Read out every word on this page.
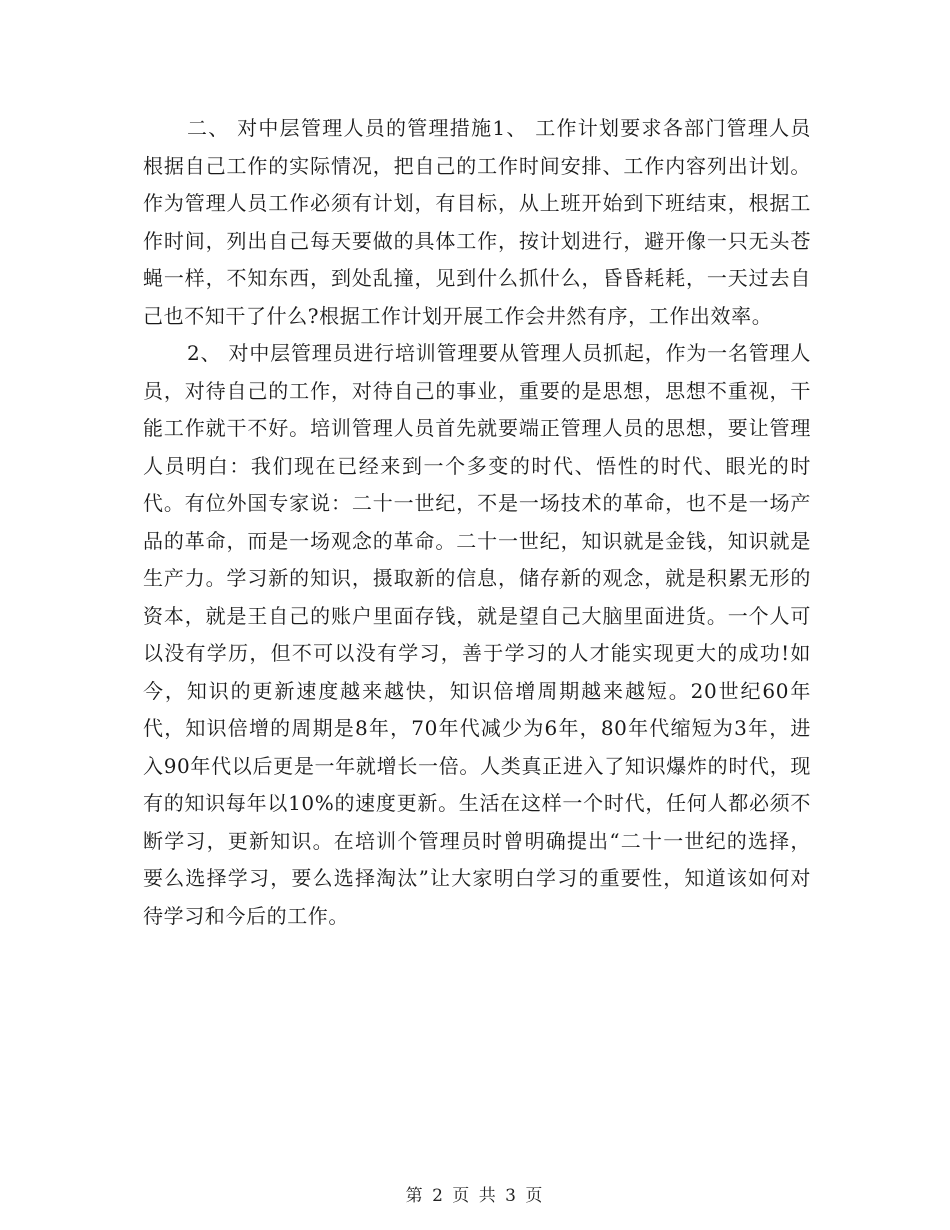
二、 对中层管理人员的管理措施1、 工作计划要求各部门管理人员根据自己工作的实际情况，把自己的工作时间安排、工作内容列出计划。作为管理人员工作必须有计划，有目标，从上班开始到下班结束，根据工作时间，列出自己每天要做的具体工作，按计划进行，避开像一只无头苍蝇一样，不知东西，到处乱撞，见到什么抓什么，昏昏耗耗，一天过去自己也不知干了什么?根据工作计划开展工作会井然有序，工作出效率。

2、 对中层管理员进行培训管理要从管理人员抓起，作为一名管理人员，对待自己的工作，对待自己的事业，重要的是思想，思想不重视，干能工作就干不好。培训管理人员首先就要端正管理人员的思想，要让管理人员明白：我们现在已经来到一个多变的时代、悟性的时代、眼光的时代。有位外国专家说：二十一世纪，不是一场技术的革命，也不是一场产品的革命，而是一场观念的革命。二十一世纪，知识就是金钱，知识就是生产力。学习新的知识，摄取新的信息，储存新的观念，就是积累无形的资本，就是王自己的账户里面存钱，就是望自己大脑里面进货。一个人可以没有学历，但不可以没有学习，善于学习的人才能实现更大的成功!如今，知识的更新速度越来越快，知识倍增周期越来越短。20世纪60年代，知识倍增的周期是8年，70年代减少为6年，80年代缩短为3年，进入90年代以后更是一年就增长一倍。人类真正进入了知识爆炸的时代，现有的知识每年以10%的速度更新。生活在这样一个时代，任何人都必须不断学习，更新知识。在培训个管理员时曾明确提出“二十一世纪的选择，要么选择学习，要么选择淘汰”让大家明白学习的重要性，知道该如何对待学习和今后的工作。

第 2 页 共 3 页
